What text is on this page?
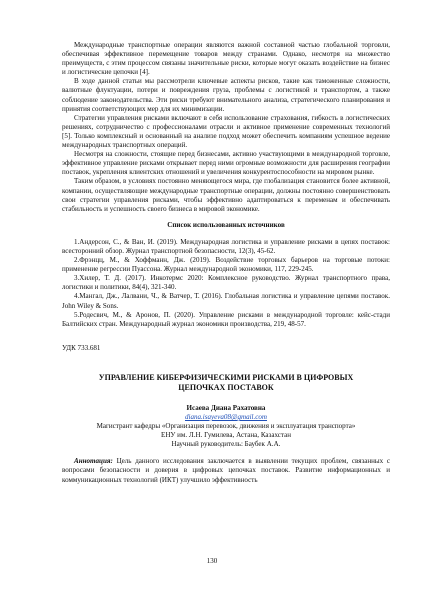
Международные транспортные операции являются важной составной частью глобальной торговли, обеспечивая эффективное перемещение товаров между странами. Однако, несмотря на множество преимуществ, с этим процессом связаны значительные риски, которые могут оказать воздействие на бизнес и логистические цепочки [4].

В ходе данной статьи мы рассмотрели ключевые аспекты рисков, такие как таможенные сложности, валютные флуктуации, потери и повреждения груза, проблемы с логистикой и транспортом, а также соблюдение законодательства. Эти риски требуют внимательного анализа, стратегического планирования и принятия соответствующих мер для их минимизации.

Стратегии управления рисками включают в себя использование страхования, гибкость в логистических решениях, сотрудничество с профессионалами отрасли и активное применение современных технологий [5]. Только комплексный и основанный на анализе подход может обеспечить компаниям успешное ведение международных транспортных операций.

Несмотря на сложности, стоящие перед бизнесами, активно участвующими в международной торговле, эффективное управление рисками открывает перед ними огромные возможности для расширения географии поставок, укрепления клиентских отношений и увеличения конкурентоспособности на мировом рынке.

Таким образом, в условиях постоянно меняющегося мира, где глобализация становится более активной, компании, осуществляющие международные транспортные операции, должны постоянно совершенствовать свои стратегии управления рисками, чтобы эффективно адаптироваться к переменам и обеспечивать стабильность и успешность своего бизнеса в мировой экономике.

Список использованных источников

1.Андерсон, С., & Ван, И. (2019). Международная логистика и управление рисками в цепях поставок: всесторонний обзор. Журнал транспортной безопасности, 12(3), 45-62.

2.Фрэнцц, М., & Хоффманн, Дж. (2019). Воздействие торговых барьеров на торговые потоки: применение регрессии Пуассона. Журнал международной экономики, 117, 229-245.

3.Хилер, Т. Д. (2017). Инкотермс 2020: Комплексное руководство. Журнал транспортного права, логистики и политики, 84(4), 321-340.

4.Мангал, Дж., Лалвани, Ч., & Ватчер, Т. (2016). Глобальная логистика и управление цепями поставок. John Wiley & Sons.

5.Родесвич, М., & Аронов, П. (2020). Управление рисками в международной торговле: кейс-стади Балтийских стран. Международный журнал экономики производства, 219, 48-57.

УДК 733.681

УПРАВЛЕНИЕ КИБЕРФИЗИЧЕСКИМИ РИСКАМИ В ЦИФРОВЫХ
ЦЕПОЧКАХ ПОСТАВОК

Исаева Диана Рахатовна

diana.isayeva08@gmail.com

Магистрант кафедры «Организация перевозок, движения и эксплуатация транспорта»

ЕНУ им. Л.Н. Гумилева, Астана, Казахстан

Научный руководитель: Баубек А.А.

Аннотация: Цель данного исследования заключается в выявлении текущих проблем, связанных с вопросами безопасности и доверия в цифровых цепочках поставок. Развитие информационных и коммуникационных технологий (ИКТ) улучшило эффективность

130
